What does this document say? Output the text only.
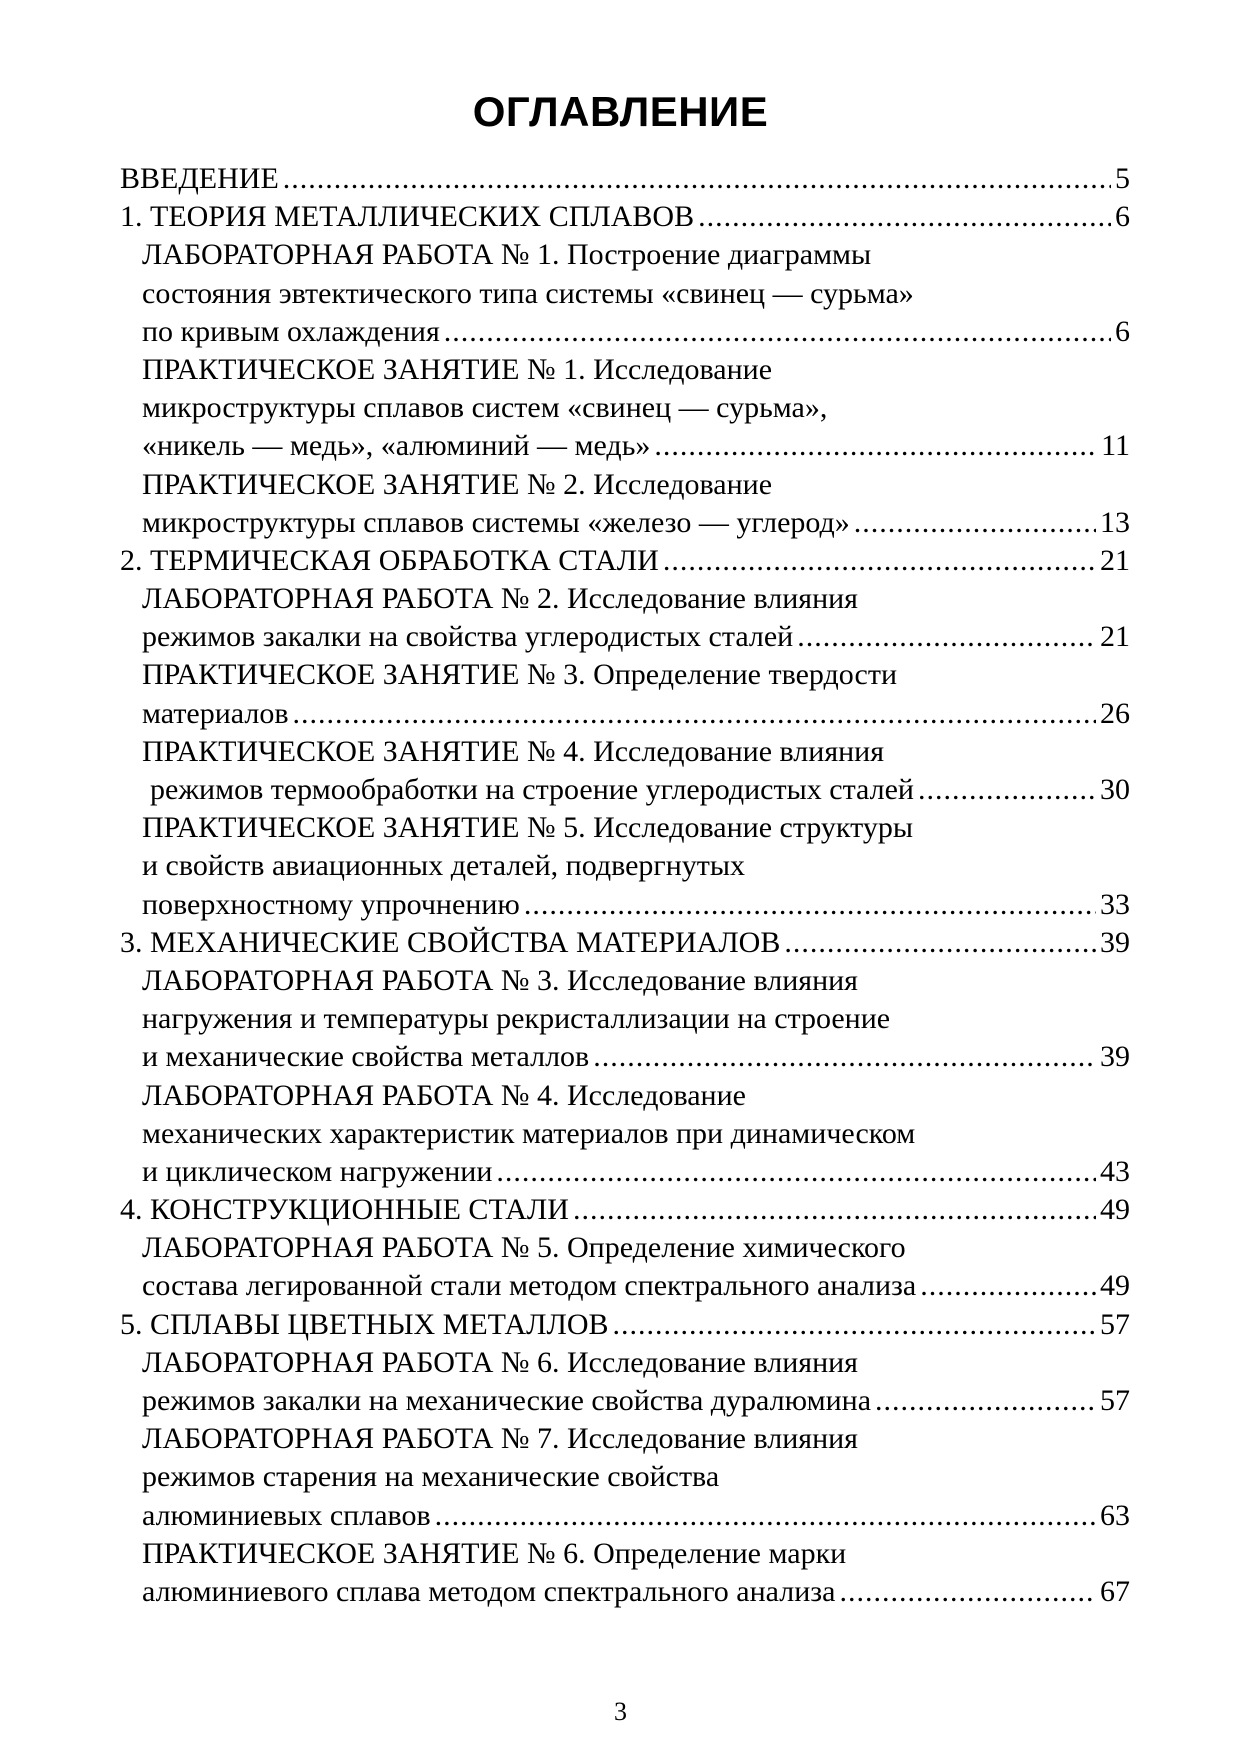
ОГЛАВЛЕНИЕ
ВВЕДЕНИЕ .....	5
1. ТЕОРИЯ МЕТАЛЛИЧЕСКИХ СПЛАВОВ .....	6
ЛАБОРАТОРНАЯ РАБОТА № 1. Построение диаграммы
состояния эвтектического типа системы «свинец — сурьма»
по кривым охлаждения .....	6
ПРАКТИЧЕСКОЕ ЗАНЯТИЕ № 1. Исследование
микроструктуры сплавов систем «свинец — сурьма»,
«никель — медь», «алюминий — медь» .....	11
ПРАКТИЧЕСКОЕ ЗАНЯТИЕ № 2. Исследование
микроструктуры сплавов системы «железо — углерод» .....	13
2. ТЕРМИЧЕСКАЯ ОБРАБОТКА СТАЛИ .....	21
ЛАБОРАТОРНАЯ РАБОТА № 2. Исследование влияния
режимов закалки на свойства углеродистых сталей .....	21
ПРАКТИЧЕСКОЕ ЗАНЯТИЕ № 3. Определение твердости
материалов .....	26
ПРАКТИЧЕСКОЕ ЗАНЯТИЕ № 4. Исследование влияния
режимов термообработки на строение углеродистых сталей .....	30
ПРАКТИЧЕСКОЕ ЗАНЯТИЕ № 5. Исследование структуры
и свойств авиационных деталей, подвергнутых
поверхностному упрочнению .....	33
3. МЕХАНИЧЕСКИЕ СВОЙСТВА МАТЕРИАЛОВ .....	39
ЛАБОРАТОРНАЯ РАБОТА № 3. Исследование влияния
нагружения и температуры рекристаллизации на строение
и механические свойства металлов .....	39
ЛАБОРАТОРНАЯ РАБОТА № 4. Исследование
механических характеристик материалов при динамическом
и циклическом нагружении .....	43
4. КОНСТРУКЦИОННЫЕ СТАЛИ .....	49
ЛАБОРАТОРНАЯ РАБОТА № 5. Определение химического
состава легированной стали методом спектрального анализа .....	49
5. СПЛАВЫ ЦВЕТНЫХ МЕТАЛЛОВ .....	57
ЛАБОРАТОРНАЯ РАБОТА № 6. Исследование влияния
режимов закалки на механические свойства дуралюмина .....	57
ЛАБОРАТОРНАЯ РАБОТА № 7. Исследование влияния
режимов старения на механические свойства
алюминиевых сплавов .....	63
ПРАКТИЧЕСКОЕ ЗАНЯТИЕ № 6. Определение марки
алюминиевого сплава методом спектрального анализа .....	67
3
